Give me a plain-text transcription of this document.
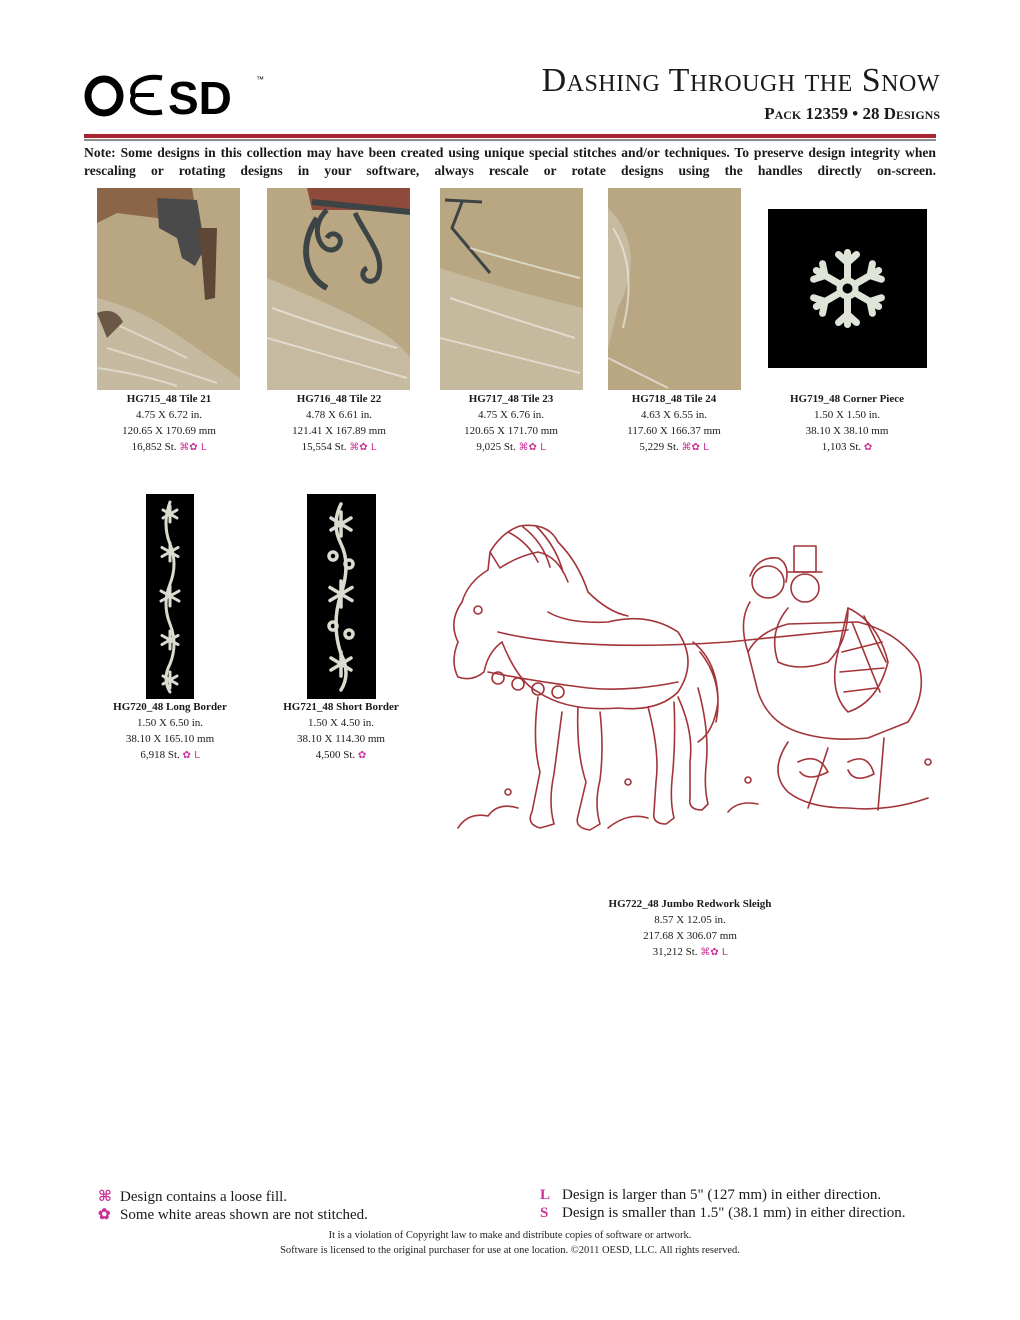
SD	™	Dashing Through the Snow
Pack 12359 • 28 Designs
Note: Some designs in this collection may have been created using unique special stitches and/or techniques. To preserve design integrity when rescaling or rotating designs in your software, always rescale or rotate designs using the handles directly on-screen.
HG715_48 Tile 21
4.75 X 6.72 in.
120.65 X 170.69 mm
16,852 St. ⌘✿ L
HG716_48 Tile 22
4.78 X 6.61 in.
121.41 X 167.89 mm
15,554 St. ⌘✿ L
HG717_48 Tile 23
4.75 X 6.76 in.
120.65 X 171.70 mm
9,025 St. ⌘✿ L
HG718_48 Tile 24
4.63 X 6.55 in.
117.60 X 166.37 mm
5,229 St. ⌘✿ L
HG719_48 Corner Piece
1.50 X 1.50 in.
38.10 X 38.10 mm
1,103 St. ✿
HG720_48 Long Border
1.50 X 6.50 in.
38.10 X 165.10 mm
6,918 St. ✿ L
HG721_48 Short Border
1.50 X 4.50 in.
38.10 X 114.30 mm
4,500 St. ✿
HG722_48 Jumbo Redwork Sleigh
8.57 X 12.05 in.
217.68 X 306.07 mm
31,212 St. ⌘✿ L
⌘ Design contains a loose fill.
✿ Some white areas shown are not stitched.
L Design is larger than 5" (127 mm) in either direction.
S Design is smaller than 1.5" (38.1 mm) in either direction.
It is a violation of Copyright law to make and distribute copies of software or artwork.
Software is licensed to the original purchaser for use at one location. ©2011 OESD, LLC. All rights reserved.
